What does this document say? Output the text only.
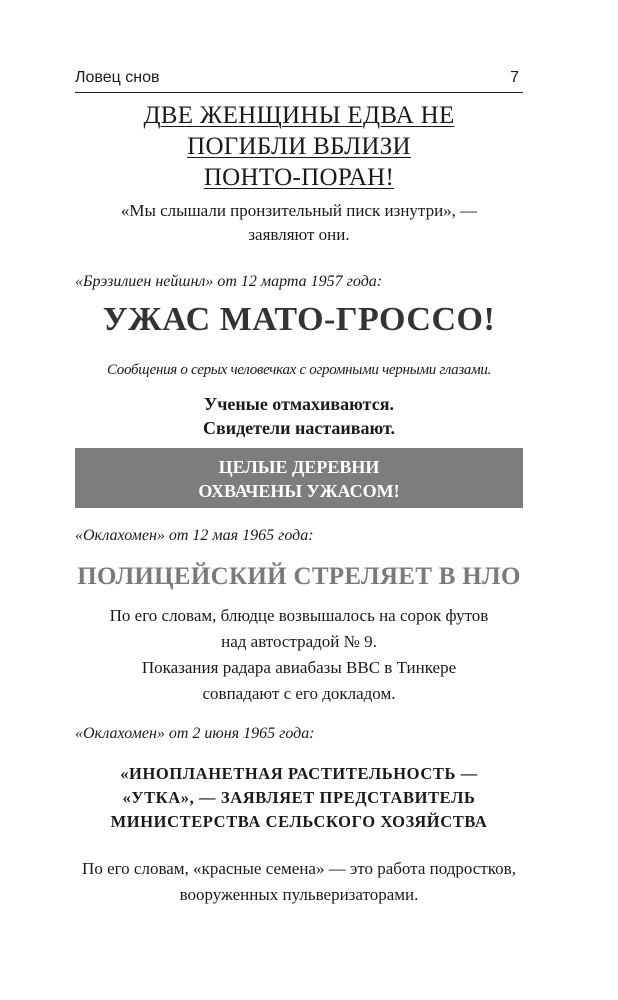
Ловец снов	7
ДВЕ ЖЕНЩИНЫ ЕДВА НЕ
ПОГИБЛИ ВБЛИЗИ
ПОНТО-ПОРАН!
«Мы слышали пронзительный писк изнутри», —
заявляют они.
«Брэзилиен нейшнл» от 12 марта 1957 года:
УЖАС МАТО-ГРОССО!
Сообщения о серых человечках с огромными черными глазами.
Ученые отмахиваются.
Свидетели настаивают.
ЦЕЛЫЕ ДЕРЕВНИ
ОХВАЧЕНЫ УЖАСОМ!
«Оклахомен» от 12 мая 1965 года:
ПОЛИЦЕЙСКИЙ СТРЕЛЯЕТ В НЛО
По его словам, блюдце возвышалось на сорок футов
над автострадой № 9.
Показания радара авиабазы ВВС в Тинкере
совпадают с его докладом.
«Оклахомен» от 2 июня 1965 года:
«ИНОПЛАНЕТНАЯ РАСТИТЕЛЬНОСТЬ —
«УТКА», — ЗАЯВЛЯЕТ ПРЕДСТАВИТЕЛЬ
МИНИСТЕРСТВА СЕЛЬСКОГО ХОЗЯЙСТВА
По его словам, «красные семена» — это работа подростков,
вооруженных пульверизаторами.
